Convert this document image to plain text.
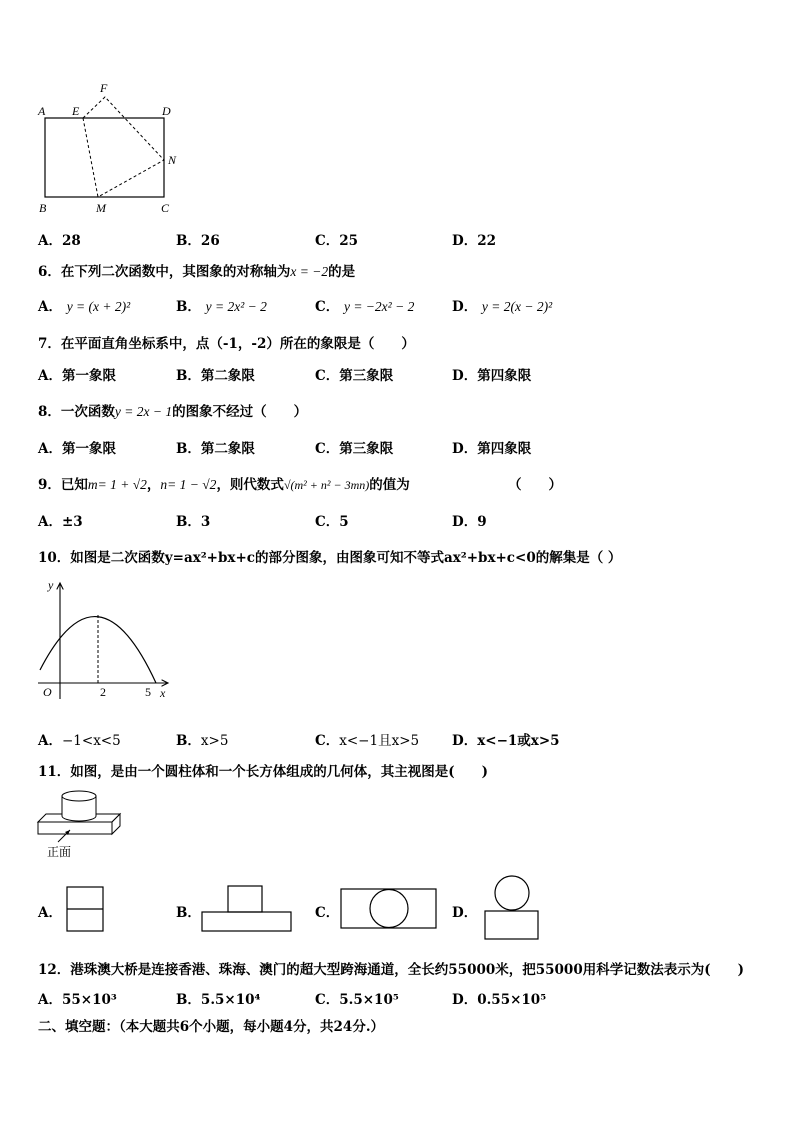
A E
F
D
N
B	M	C
A．28	B．26	C．25	D．22
6．在下列二次函数中，其图象的对称轴为x = −2的是
A． y = (x + 2)²	B． y = 2x² − 2	C． y = −2x² − 2	D． y = 2(x − 2)²
7．在平面直角坐标系中，点（-1，-2）所在的象限是（　　）
A．第一象限	B．第二象限	C．第三象限	D．第四象限
8．一次函数y = 2x − 1的图象不经过（　　）
A．第一象限	B．第二象限	C．第三象限	D．第四象限
9．已知m= 1 + √2，n= 1 − √2，则代数式√(m² + n² − 3mn)的值为	（　　）
A．±3	B．3	C．5	D．9
10．如图是二次函数y=ax²+bx+c的部分图象，由图象可知不等式ax²+bx+c<0的解集是（ ）
y
x
O	2	5
A．−1<x<5	B．x>5	C．x<−1且x>5 D．x<−1或x>5
11．如图，是由一个圆柱体和一个长方体组成的几何体，其主视图是(　　)
正面
A．	B．	C．	D．
12．港珠澳大桥是连接香港、珠海、澳门的超大型跨海通道，全长约55000米，把55000用科学记数法表示为(　　)
A．55×10³	B．5.5×10⁴	C．5.5×10⁵	D．0.55×10⁵
二、填空题：（本大题共6个小题，每小题4分，共24分.）
